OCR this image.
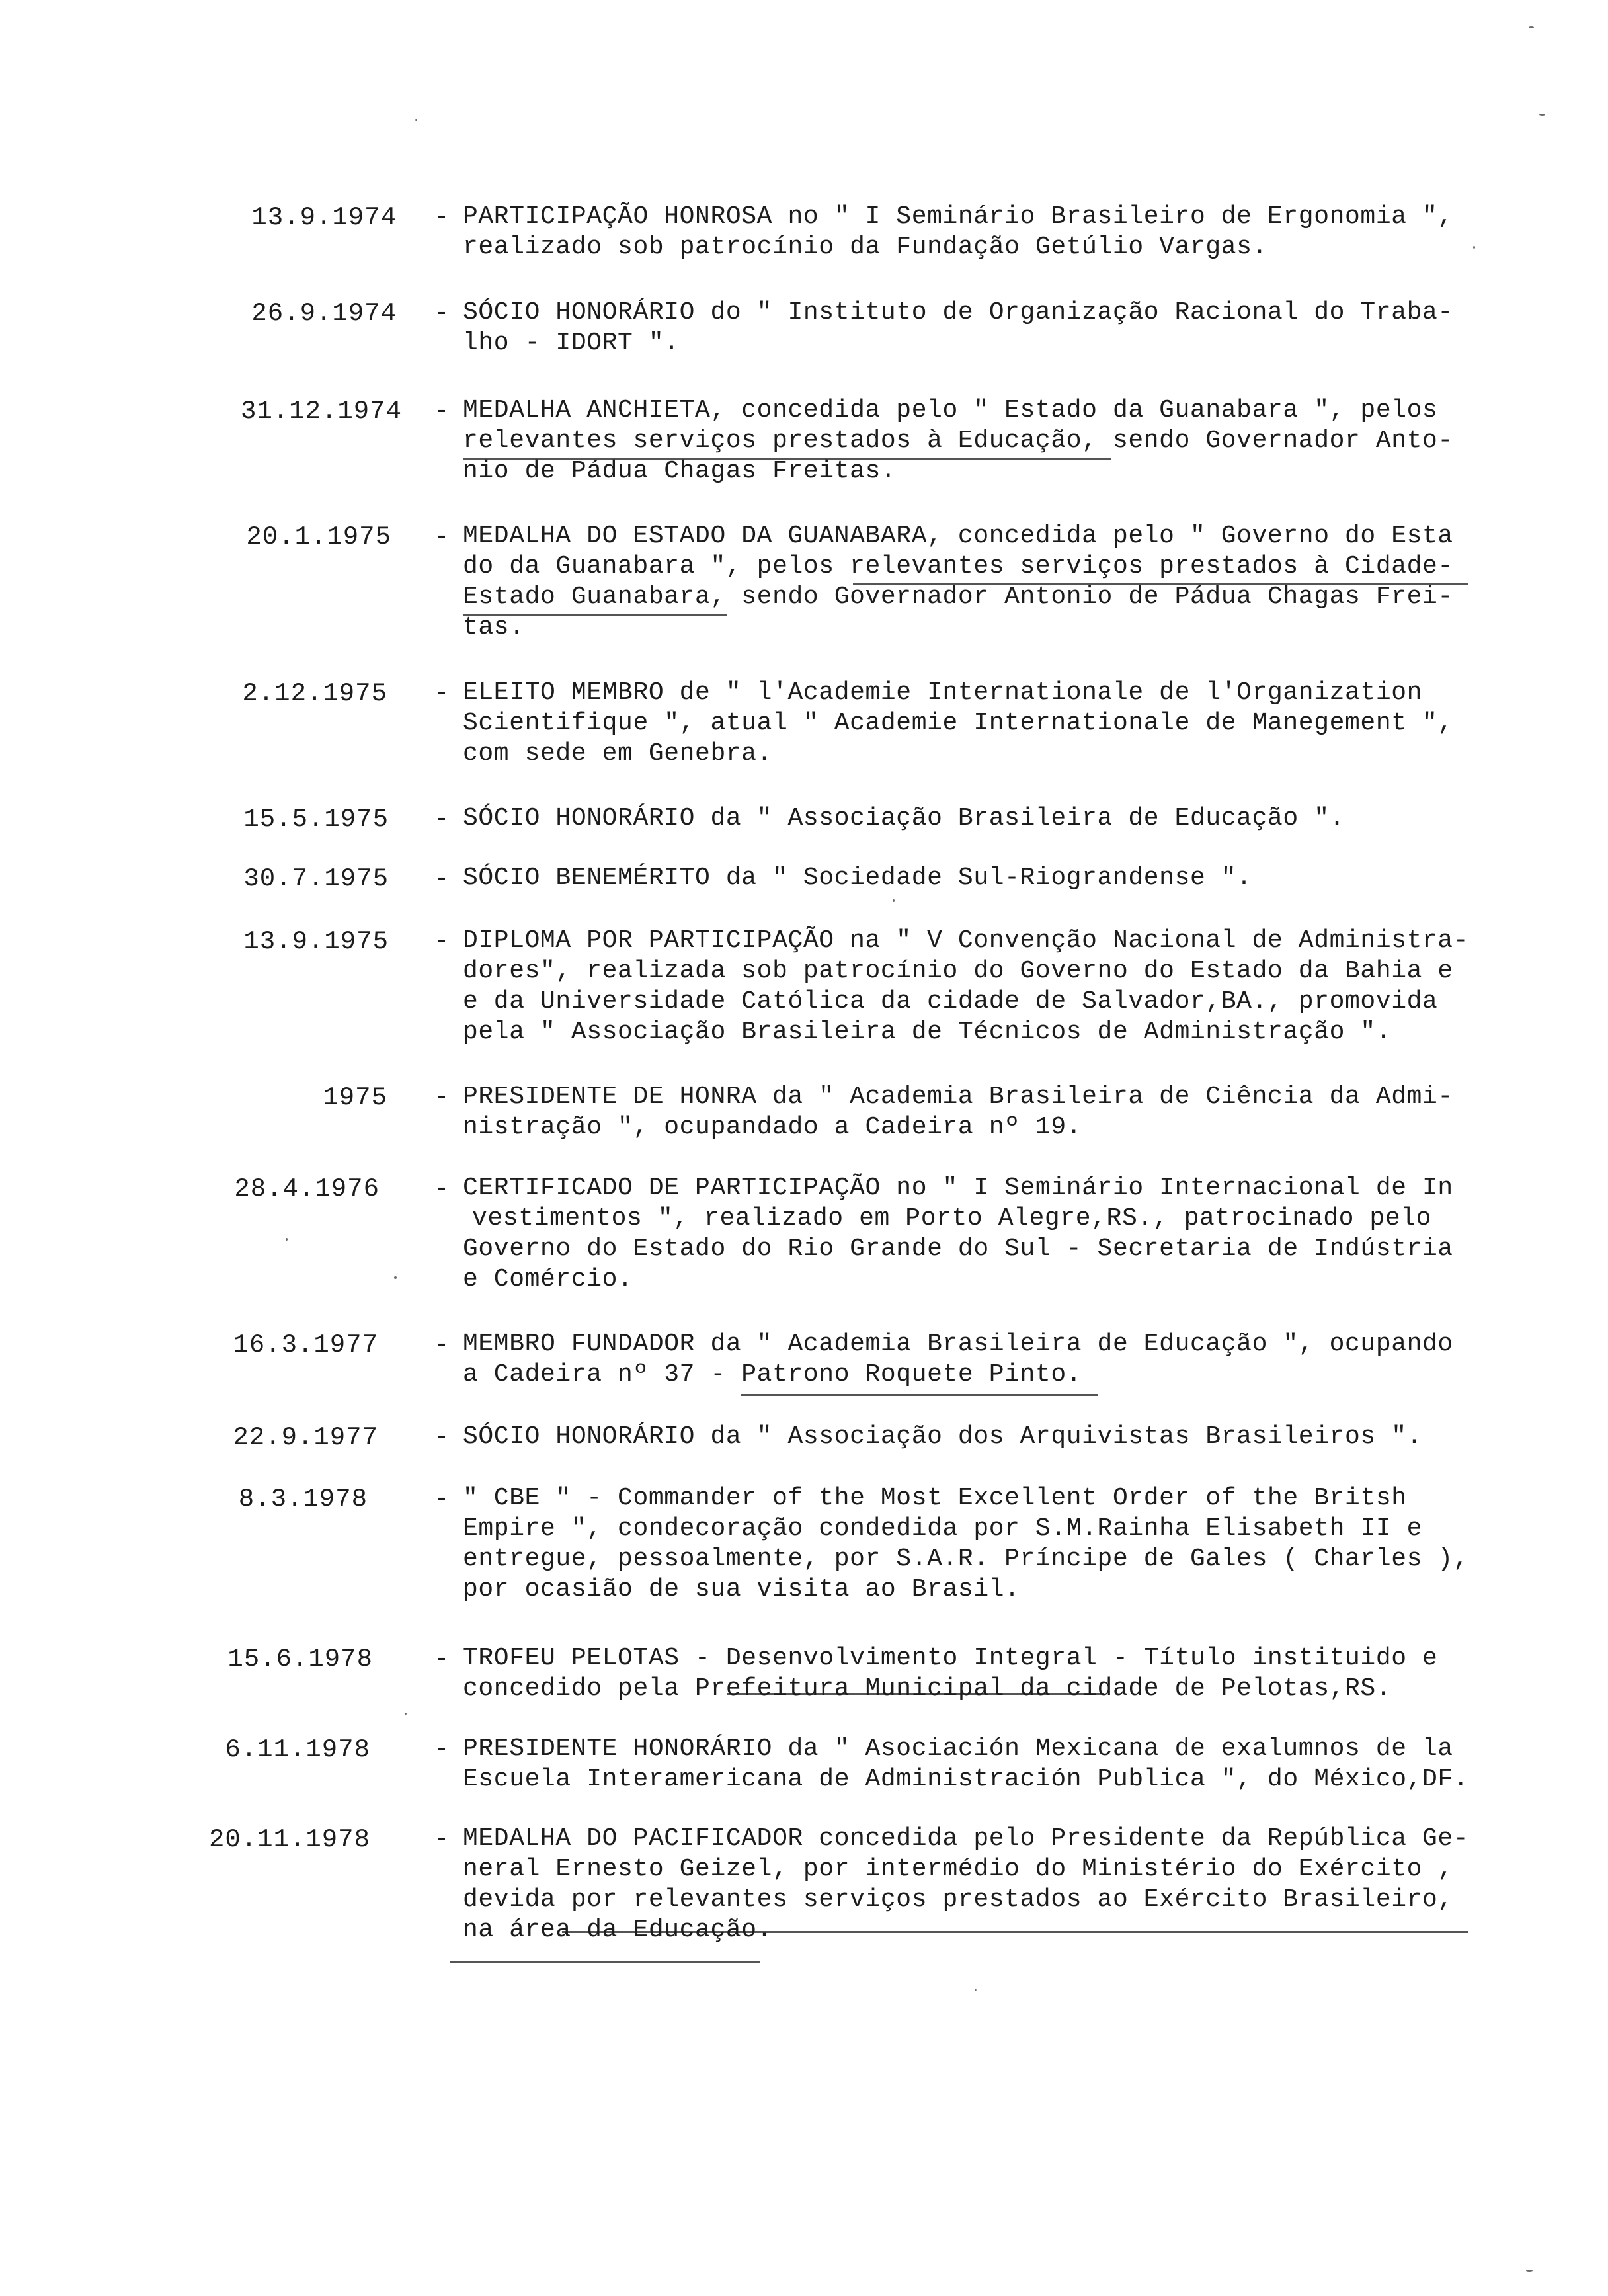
13.9.1974 - PARTICIPAÇÃO HONROSA no " I Seminário Brasileiro de Ergonomia ",
realizado sob patrocínio da Fundação Getúlio Vargas.
26.9.1974 - SÓCIO HONORÁRIO do " Instituto de Organização Racional do Traba-
lho - IDORT ".
31.12.1974 - MEDALHA ANCHIETA, concedida pelo " Estado da Guanabara ", pelos
relevantes serviços prestados à Educação, sendo Governador Anto-
nio de Pádua Chagas Freitas.
20.1.1975 - MEDALHA DO ESTADO DA GUANABARA, concedida pelo " Governo do Esta
do da Guanabara ", pelos relevantes serviços prestados à Cidade-
Estado Guanabara, sendo Governador Antonio de Pádua Chagas Frei-
tas.
2.12.1975 - ELEITO MEMBRO de " l'Academie Internationale de l'Organization
Scientifique ", atual " Academie Internationale de Manegement ",
com sede em Genebra.
15.5.1975 - SÓCIO HONORÁRIO da " Associação Brasileira de Educação ".
30.7.1975 - SÓCIO BENEMÉRITO da " Sociedade Sul-Riograndense ".
13.9.1975 - DIPLOMA POR PARTICIPAÇÃO na " V Convenção Nacional de Administra-
dores", realizada sob patrocínio do Governo do Estado da Bahia e
e da Universidade Católica da cidade de Salvador,BA., promovida
pela " Associação Brasileira de Técnicos de Administração ".
1975 - PRESIDENTE DE HONRA da " Academia Brasileira de Ciência da Admi-
nistração ", ocupandado a Cadeira nº 19.
28.4.1976 - CERTIFICADO DE PARTICIPAÇÃO no " I Seminário Internacional de In
vestimentos ", realizado em Porto Alegre,RS., patrocinado pelo
Governo do Estado do Rio Grande do Sul - Secretaria de Indústria
e Comércio.
16.3.1977 - MEMBRO FUNDADOR da " Academia Brasileira de Educação ", ocupando
a Cadeira nº 37 - Patrono Roquete Pinto.
22.9.1977 - SÓCIO HONORÁRIO da " Associação dos Arquivistas Brasileiros ".
8.3.1978	- " CBE " - Commander of the Most Excellent Order of the Britsh
Empire ", condecoração condedida por S.M.Rainha Elisabeth II e
entregue, pessoalmente, por S.A.R. Príncipe de Gales ( Charles ),
por ocasião de sua visita ao Brasil.
15.6.1978 - TROFEU PELOTAS - Desenvolvimento Integral - Título instituido e
concedido pela Prefeitura Municipal da cidade de Pelotas,RS.
6.11.1978 - PRESIDENTE HONORÁRIO da " Asociación Mexicana de exalumnos de la
Escuela Interamericana de Administración Publica ", do México,DF.
20.11.1978 - MEDALHA DO PACIFICADOR concedida pelo Presidente da República Ge-
neral Ernesto Geizel, por intermédio do Ministério do Exército ,
devida por relevantes serviços prestados ao Exército Brasileiro,
na área da Educação.
